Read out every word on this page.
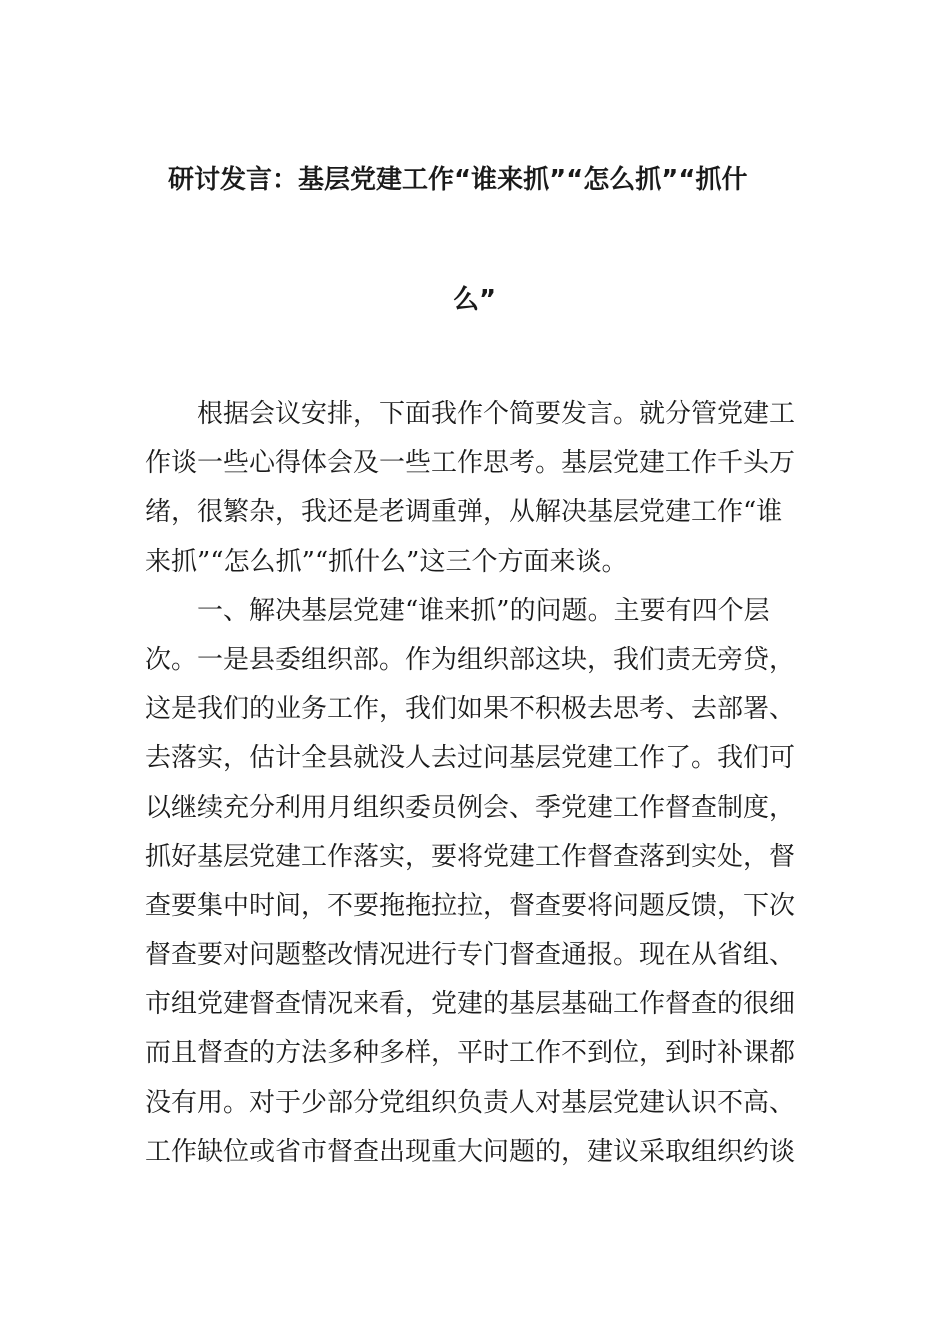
研讨发言：基层党建工作“谁来抓”“怎么抓”“抓什
么”
根据会议安排，下面我作个简要发言。就分管党建工
作谈一些心得体会及一些工作思考。基层党建工作千头万
绪，很繁杂，我还是老调重弹，从解决基层党建工作“谁
来抓”“怎么抓”“抓什么”这三个方面来谈。
一、解决基层党建“谁来抓”的问题。主要有四个层
次。一是县委组织部。作为组织部这块，我们责无旁贷，
这是我们的业务工作，我们如果不积极去思考、去部署、
去落实，估计全县就没人去过问基层党建工作了。我们可
以继续充分利用月组织委员例会、季党建工作督查制度，
抓好基层党建工作落实，要将党建工作督查落到实处，督
查要集中时间，不要拖拖拉拉，督查要将问题反馈，下次
督查要对问题整改情况进行专门督查通报。现在从省组、
市组党建督查情况来看，党建的基层基础工作督查的很细
而且督查的方法多种多样，平时工作不到位，到时补课都
没有用。对于少部分党组织负责人对基层党建认识不高、
工作缺位或省市督查出现重大问题的，建议采取组织约谈
